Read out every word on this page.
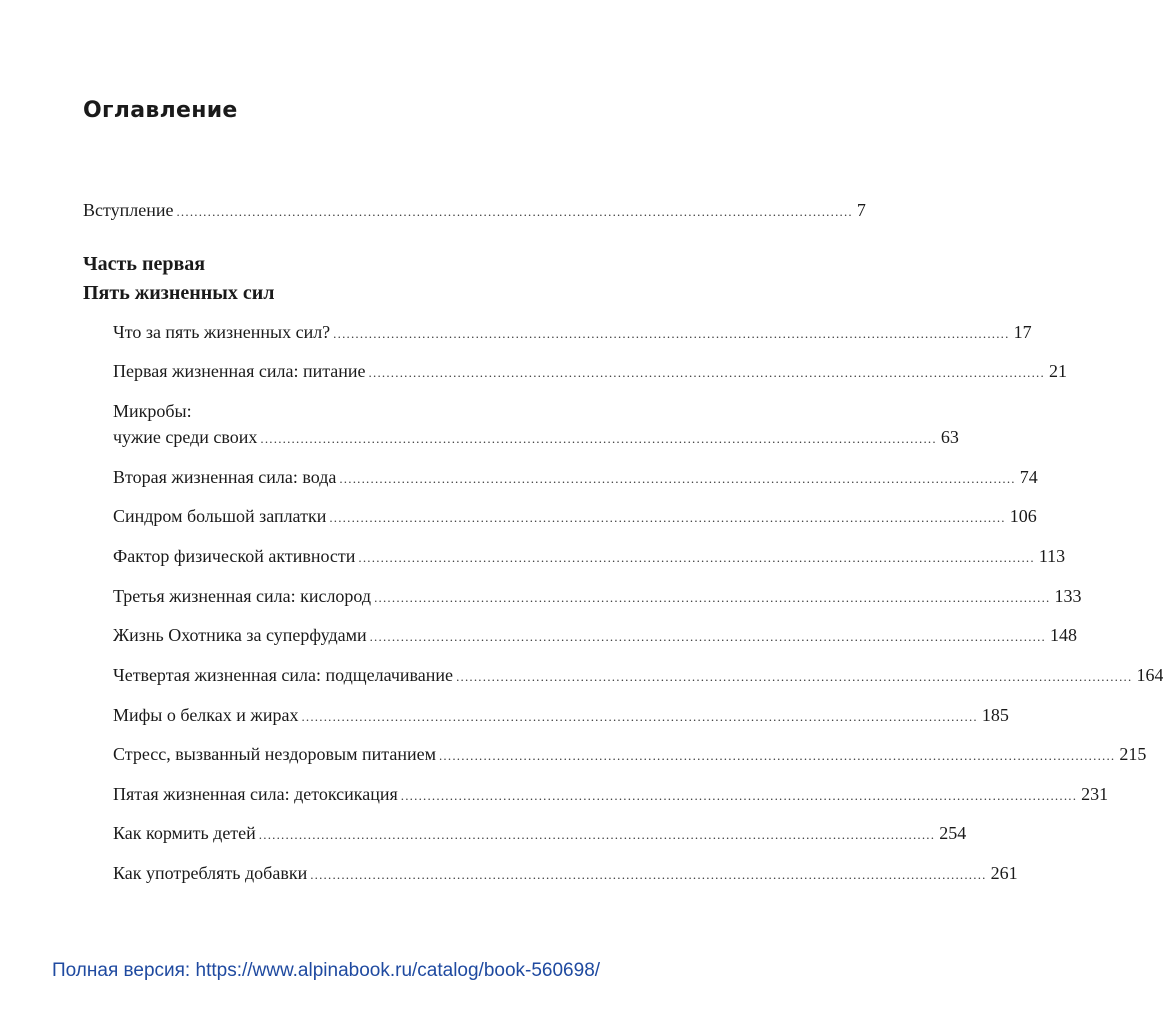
Оглавление
Вступление ........................................................................................................................................................ 7
Часть первая
Пять жизненных сил
Что за пять жизненных сил? ........................................................................................................................................................ 17
Первая жизненная сила: питание ........................................................................................................................................................ 21
Микробы:
чужие среди своих ........................................................................................................................................................ 63
Вторая жизненная сила: вода ........................................................................................................................................................ 74
Синдром большой заплатки ........................................................................................................................................................ 106
Фактор физической активности ........................................................................................................................................................ 113
Третья жизненная сила: кислород ........................................................................................................................................................ 133
Жизнь Охотника за суперфудами ........................................................................................................................................................ 148
Четвертая жизненная сила: подщелачивание ........................................................................................................................................................ 164
Мифы о белках и жирах ........................................................................................................................................................ 185
Стресс, вызванный нездоровым питанием ........................................................................................................................................................ 215
Пятая жизненная сила: детоксикация ........................................................................................................................................................ 231
Как кормить детей ........................................................................................................................................................ 254
Как употреблять добавки ........................................................................................................................................................ 261
Полная версия: https://www.alpinabook.ru/catalog/book-560698/
